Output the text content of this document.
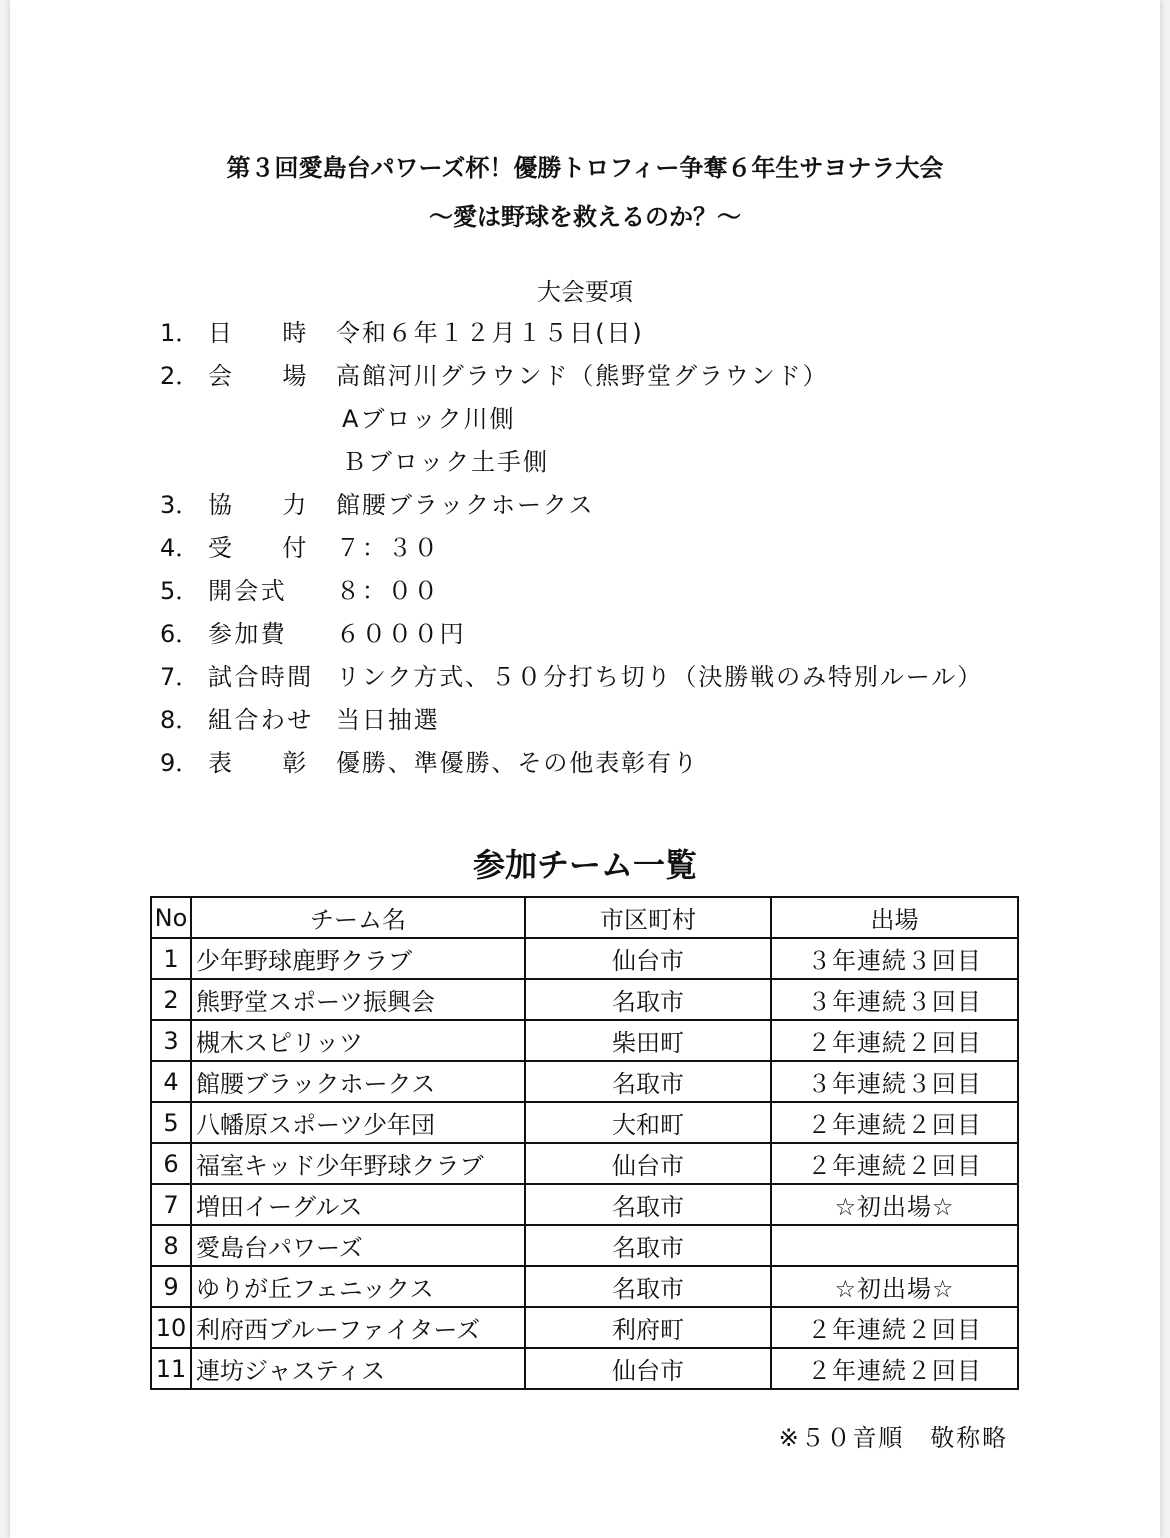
第３回愛島台パワーズ杯！優勝トロフィー争奪６年生サヨナラ大会
～愛は野球を救えるのか？～
大会要項
1． 日　時 令和６年１２月１５日(日)
2． 会　場 高館河川グラウンド（熊野堂グラウンド）
Aブロック川側
Ｂブロック土手側
3． 協　力 館腰ブラックホークス
4． 受　付 ７：３０
5． 開会式	８：００
6． 参加費	６０００円
7． 試合時間 リンク方式、５０分打ち切り（決勝戦のみ特別ルール）
8． 組合わせ 当日抽選
9． 表　彰 優勝、準優勝、その他表彰有り
参加チーム一覧
No	チーム名	市区町村	出場
1	少年野球鹿野クラブ	仙台市	３年連続３回目
2	熊野堂スポーツ振興会	名取市	３年連続３回目
3	槻木スピリッツ	柴田町	２年連続２回目
4	館腰ブラックホークス	名取市	３年連続３回目
5	八幡原スポーツ少年団	大和町	２年連続２回目
6	福室キッド少年野球クラブ	仙台市	２年連続２回目
7	増田イーグルス	名取市	☆初出場☆
8	愛島台パワーズ	名取市	
9	ゆりが丘フェニックス	名取市	☆初出場☆
10	利府西ブルーファイターズ	利府町	２年連続２回目
11	連坊ジャスティス	仙台市	２年連続２回目
※５０音順　敬称略
